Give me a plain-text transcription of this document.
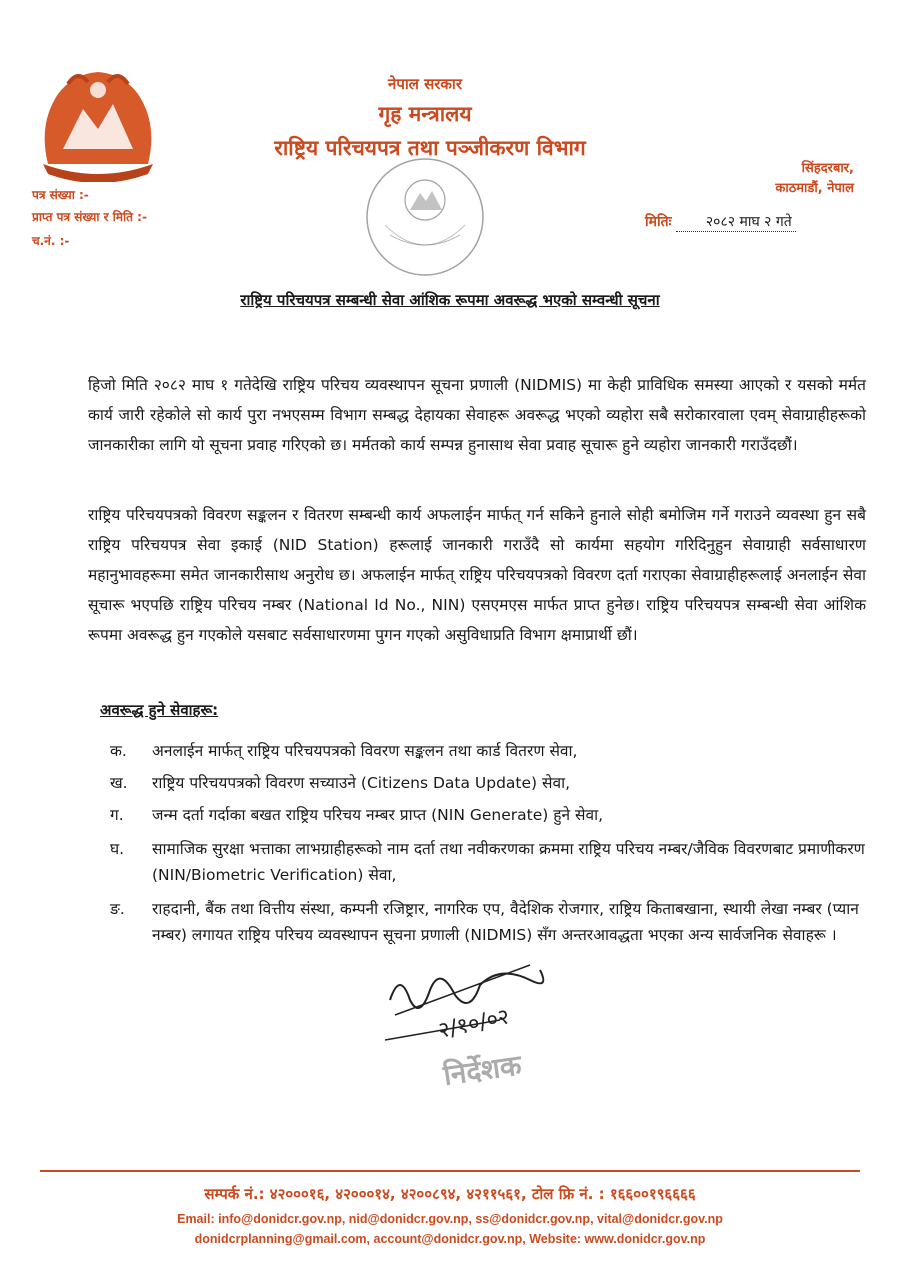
नेपाल सरकार
गृह मन्त्रालय
राष्ट्रिय परिचयपत्र तथा पञ्जीकरण विभाग
सिंहदरबार,
काठमाडौं, नेपाल
पत्र संख्या :-
प्राप्त पत्र संख्या र मिति :-
च.नं. :-
मितिः २०८२ माघ २ गते
राष्ट्रिय परिचयपत्र सम्बन्धी सेवा आंशिक रूपमा अवरूद्ध भएको सम्वन्धी सूचना
हिजो मिति २०८२ माघ १ गतेदेखि राष्ट्रिय परिचय व्यवस्थापन सूचना प्रणाली (NIDMIS) मा केही प्राविधिक समस्या आएको र यसको मर्मत कार्य जारी रहेकोले सो कार्य पुरा नभएसम्म विभाग सम्बद्ध देहायका सेवाहरू अवरूद्ध भएको व्यहोरा सबै सरोकारवाला एवम् सेवाग्राहीहरूको जानकारीका लागि यो सूचना प्रवाह गरिएको छ। मर्मतको कार्य सम्पन्न हुनासाथ सेवा प्रवाह सूचारू हुने व्यहोरा जानकारी गराउँदछौं।
राष्ट्रिय परिचयपत्रको विवरण सङ्कलन र वितरण सम्बन्धी कार्य अफलाईन मार्फत् गर्न सकिने हुनाले सोही बमोजिम गर्ने गराउने व्यवस्था हुन सबै राष्ट्रिय परिचयपत्र सेवा इकाई (NID Station) हरूलाई जानकारी गराउँदै सो कार्यमा सहयोग गरिदिनुहुन सेवाग्राही सर्वसाधारण महानुभावहरूमा समेत जानकारीसाथ अनुरोध छ। अफलाईन मार्फत् राष्ट्रिय परिचयपत्रको विवरण दर्ता गराएका सेवाग्राहीहरूलाई अनलाईन सेवा सूचारू भएपछि राष्ट्रिय परिचय नम्बर (National Id No., NIN) एसएमएस मार्फत प्राप्त हुनेछ। राष्ट्रिय परिचयपत्र सम्बन्धी सेवा आंशिक रूपमा अवरूद्ध हुन गएकोले यसबाट सर्वसाधारणमा पुगन गएको असुविधाप्रति विभाग क्षमाप्रार्थी छौं।
अवरूद्ध हुने सेवाहरू:
क.	अनलाईन मार्फत् राष्ट्रिय परिचयपत्रको विवरण सङ्कलन तथा कार्ड वितरण सेवा,
ख.	राष्ट्रिय परिचयपत्रको विवरण सच्याउने (Citizens Data Update) सेवा,
ग.	जन्म दर्ता गर्दाका बखत राष्ट्रिय परिचय नम्बर प्राप्त (NIN Generate) हुने सेवा,
घ.	सामाजिक सुरक्षा भत्ताका लाभग्राहीहरूको नाम दर्ता तथा नवीकरणका क्रममा राष्ट्रिय परिचय नम्बर/जैविक विवरणबाट प्रमाणीकरण (NIN/Biometric Verification) सेवा,
ङ.	राहदानी, बैंक तथा वित्तीय संस्था, कम्पनी रजिष्ट्रार, नागरिक एप, वैदेशिक रोजगार, राष्ट्रिय किताबखाना, स्थायी लेखा नम्बर (प्यान नम्बर) लगायत राष्ट्रिय परिचय व्यवस्थापन सूचना प्रणाली (NIDMIS) सँग अन्तरआवद्धता भएका अन्य सार्वजनिक सेवाहरू ।
२/१०/०२
निर्देशक
सम्पर्क नं.: ४२०००१६, ४२०००१४, ४२००८९४, ४२११५६१, टोल फ्रि नं. : १६६००१९६६६६
Email: info@donidcr.gov.np, nid@donidcr.gov.np, ss@donidcr.gov.np, vital@donidcr.gov.np
donidcrplanning@gmail.com, account@donidcr.gov.np, Website: www.donidcr.gov.np
